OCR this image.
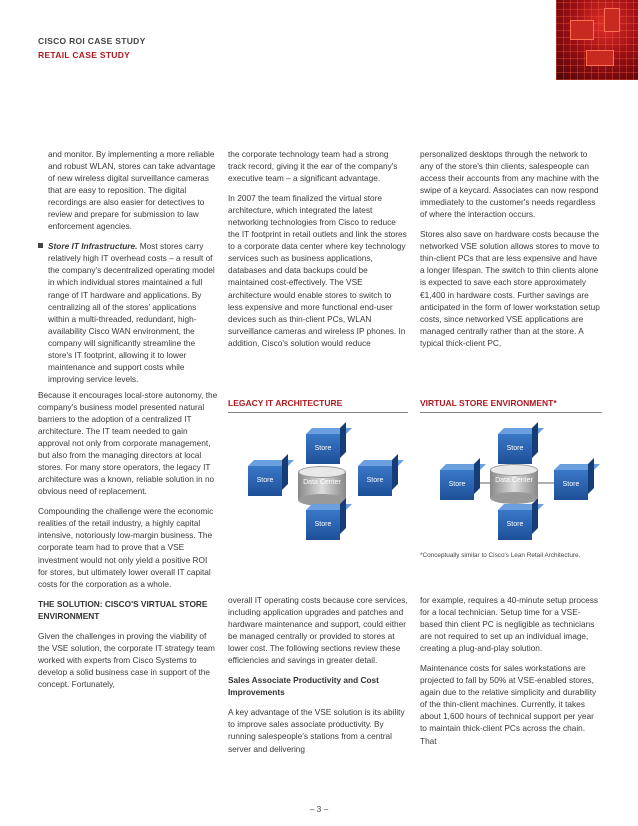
CISCO ROI CASE STUDY
RETAIL CASE STUDY

and monitor. By implementing a more reliable and robust WLAN, stores can take advantage of new wireless digital surveillance cameras that are easy to reposition. The digital recordings are also easier for detectives to review and prepare for submission to law enforcement agencies.

Store IT Infrastructure. Most stores carry relatively high IT overhead costs – a result of the company's decentralized operating model in which individual stores maintained a full range of IT hardware and applications. By centralizing all of the stores' applications within a multi-threaded, redundant, high-availability Cisco WAN environment, the company will significantly streamline the store's IT footprint, allowing it to lower maintenance and support costs while improving service levels.

Because it encourages local-store autonomy, the company's business model presented natural barriers to the adoption of a centralized IT architecture. The IT team needed to gain approval not only from corporate management, but also from the managing directors at local stores. For many store operators, the legacy IT architecture was a known, reliable solution in no obvious need of replacement.

Compounding the challenge were the economic realities of the retail industry, a highly capital intensive, notoriously low-margin business. The corporate team had to prove that a VSE investment would not only yield a positive ROI for stores, but ultimately lower overall IT capital costs for the corporation as a whole.

THE SOLUTION: CISCO'S VIRTUAL STORE ENVIRONMENT

Given the challenges in proving the viability of the VSE solution, the corporate IT strategy team worked with experts from Cisco Systems to develop a solid business case in support of the concept. Fortunately,

the corporate technology team had a strong track record, giving it the ear of the company's executive team – a significant advantage.

In 2007 the team finalized the virtual store architecture, which integrated the latest networking technologies from Cisco to reduce the IT footprint in retail outlets and link the stores to a corporate data center where key technology services such as business applications, databases and data backups could be maintained cost-effectively. The VSE architecture would enable stores to switch to less expensive and more functional end-user devices such as thin-client PCs, WLAN surveillance cameras and wireless IP phones. In addition, Cisco's solution would reduce

personalized desktops through the network to any of the store's thin clients, salespeople can access their accounts from any machine with the swipe of a keycard. Associates can now respond immediately to the customer's needs regardless of where the interaction occurs.

Stores also save on hardware costs because the networked VSE solution allows stores to move to thin-client PCs that are less expensive and have a longer lifespan. The switch to thin clients alone is expected to save each store approximately €1,400 in hardware costs. Further savings are anticipated in the form of lower workstation setup costs, since networked VSE applications are managed centrally rather than at the store. A typical thick-client PC,

LEGACY IT ARCHITECTURE
Store
Store	Data Center	Store
Store
VIRTUAL STORE ENVIRONMENT*
Store
Store
Data Center
Store
Store
*Conceptually similar to Cisco's Lean Retail Architecture.

overall IT operating costs because core services, including application upgrades and patches and hardware maintenance and support, could either be managed centrally or provided to stores at lower cost. The following sections review these efficiencies and savings in greater detail.

Sales Associate Productivity and Cost Improvements

A key advantage of the VSE solution is its ability to improve sales associate productivity. By running salespeople's stations from a central server and delivering

for example, requires a 40-minute setup process for a local technician. Setup time for a VSE-based thin client PC is negligible as technicians are not required to set up an individual image, creating a plug-and-play solution.

Maintenance costs for sales workstations are projected to fall by 50% at VSE-enabled stores, again due to the relative simplicity and durability of the thin-client machines. Currently, it takes about 1,600 hours of technical support per year to maintain thick-client PCs across the chain. That

– 3 –
